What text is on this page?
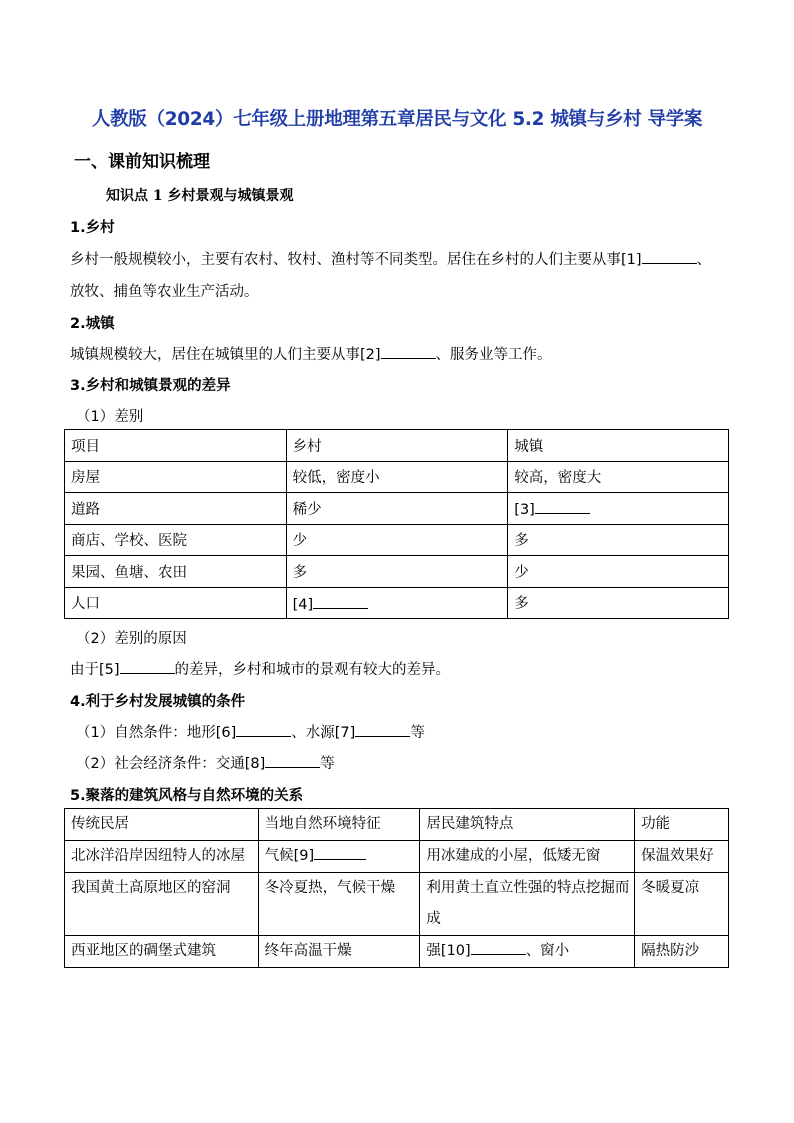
人教版（2024）七年级上册地理第五章居民与文化 5.2 城镇与乡村 导学案
一、课前知识梳理
知识点 1 乡村景观与城镇景观
1.乡村
乡村一般规模较小，主要有农村、牧村、渔村等不同类型。居住在乡村的人们主要从事[1]	、
放牧、捕鱼等农业生产活动。
2.城镇
城镇规模较大，居住在城镇里的人们主要从事[2]	、服务业等工作。
3.乡村和城镇景观的差异
（1）差别
项目	乡村	城镇
房屋	较低，密度小	较高，密度大
道路	稀少	[3]
商店、学校、医院	少	多
果园、鱼塘、农田	多	少
人口	[4]	多
（2）差别的原因
由于[5]	的差异，乡村和城市的景观有较大的差异。
4.利于乡村发展城镇的条件
（1）自然条件：地形[6]	、水源[7]	等
（2）社会经济条件：交通[8]	等
5.聚落的建筑风格与自然环境的关系
传统民居	当地自然环境特征	居民建筑特点	功能
北冰洋沿岸因纽特人的冰屋	气候[9]	用冰建成的小屋，低矮无窗	保温效果好
我国黄土高原地区的窑洞	冬冷夏热，气候干燥	利用黄土直立性强的特点挖掘而成	冬暖夏凉
西亚地区的碉堡式建筑	终年高温干燥	强[10] 、窗小	隔热防沙
